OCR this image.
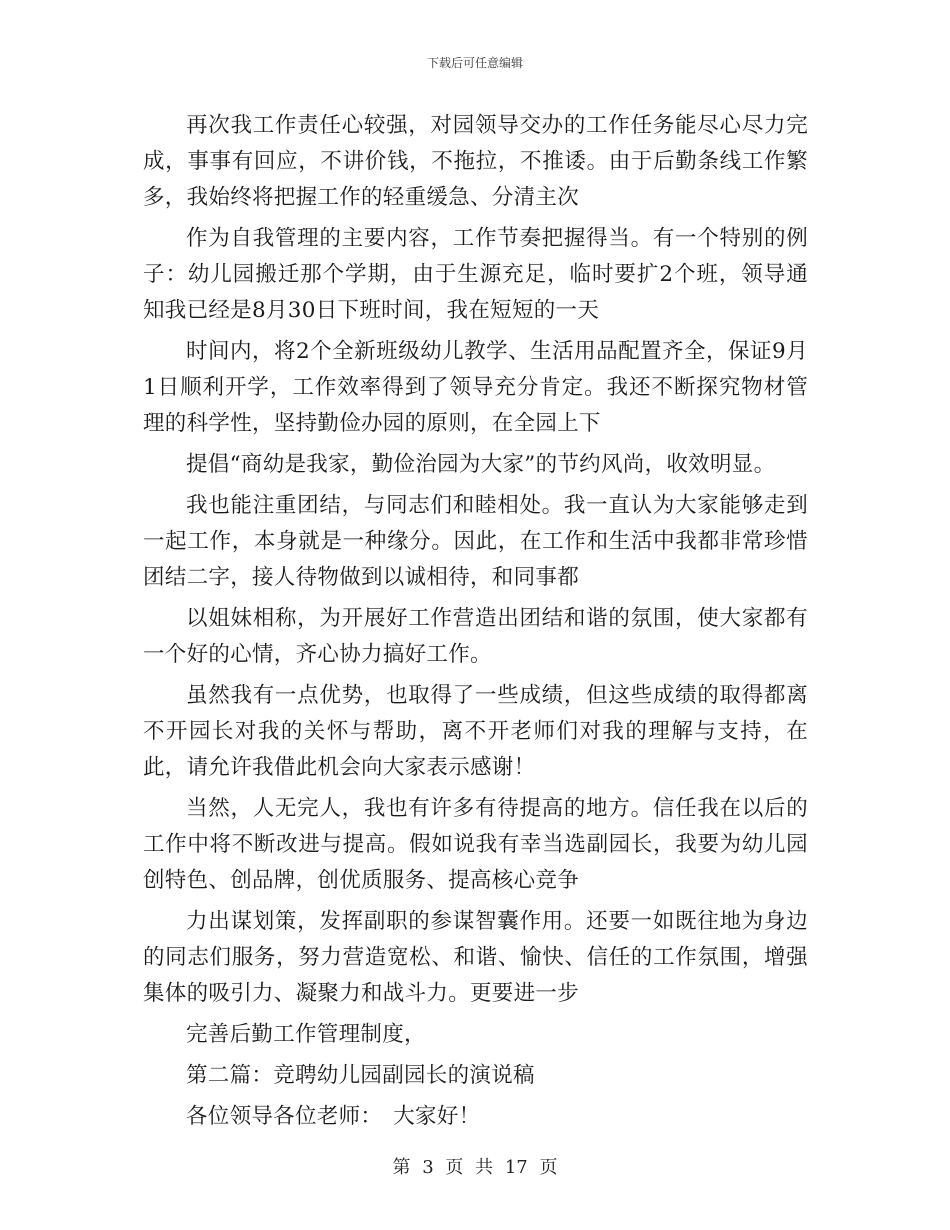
下载后可任意编辑

再次我工作责任心较强，对园领导交办的工作任务能尽心尽力完成，事事有回应，不讲价钱，不拖拉，不推诿。由于后勤条线工作繁多，我始终将把握工作的轻重缓急、分清主次

作为自我管理的主要内容，工作节奏把握得当。有一个特别的例子：幼儿园搬迁那个学期，由于生源充足，临时要扩2个班，领导通知我已经是8月30日下班时间，我在短短的一天

时间内，将2个全新班级幼儿教学、生活用品配置齐全，保证9月1日顺利开学，工作效率得到了领导充分肯定。我还不断探究物材管理的科学性，坚持勤俭办园的原则，在全园上下

提倡“商幼是我家，勤俭治园为大家”的节约风尚，收效明显。

我也能注重团结，与同志们和睦相处。我一直认为大家能够走到一起工作，本身就是一种缘分。因此，在工作和生活中我都非常珍惜团结二字，接人待物做到以诚相待，和同事都

以姐妹相称，为开展好工作营造出团结和谐的氛围，使大家都有一个好的心情，齐心协力搞好工作。

虽然我有一点优势，也取得了一些成绩，但这些成绩的取得都离不开园长对我的关怀与帮助，离不开老师们对我的理解与支持，在此，请允许我借此机会向大家表示感谢！

当然，人无完人，我也有许多有待提高的地方。信任我在以后的工作中将不断改进与提高。假如说我有幸当选副园长，我要为幼儿园创特色、创品牌，创优质服务、提高核心竞争

力出谋划策，发挥副职的参谋智囊作用。还要一如既往地为身边的同志们服务，努力营造宽松、和谐、愉快、信任的工作氛围，增强集体的吸引力、凝聚力和战斗力。更要进一步

完善后勤工作管理制度，

第二篇：竞聘幼儿园副园长的演说稿

各位领导各位老师：　大家好！

第 3 页 共 17 页
